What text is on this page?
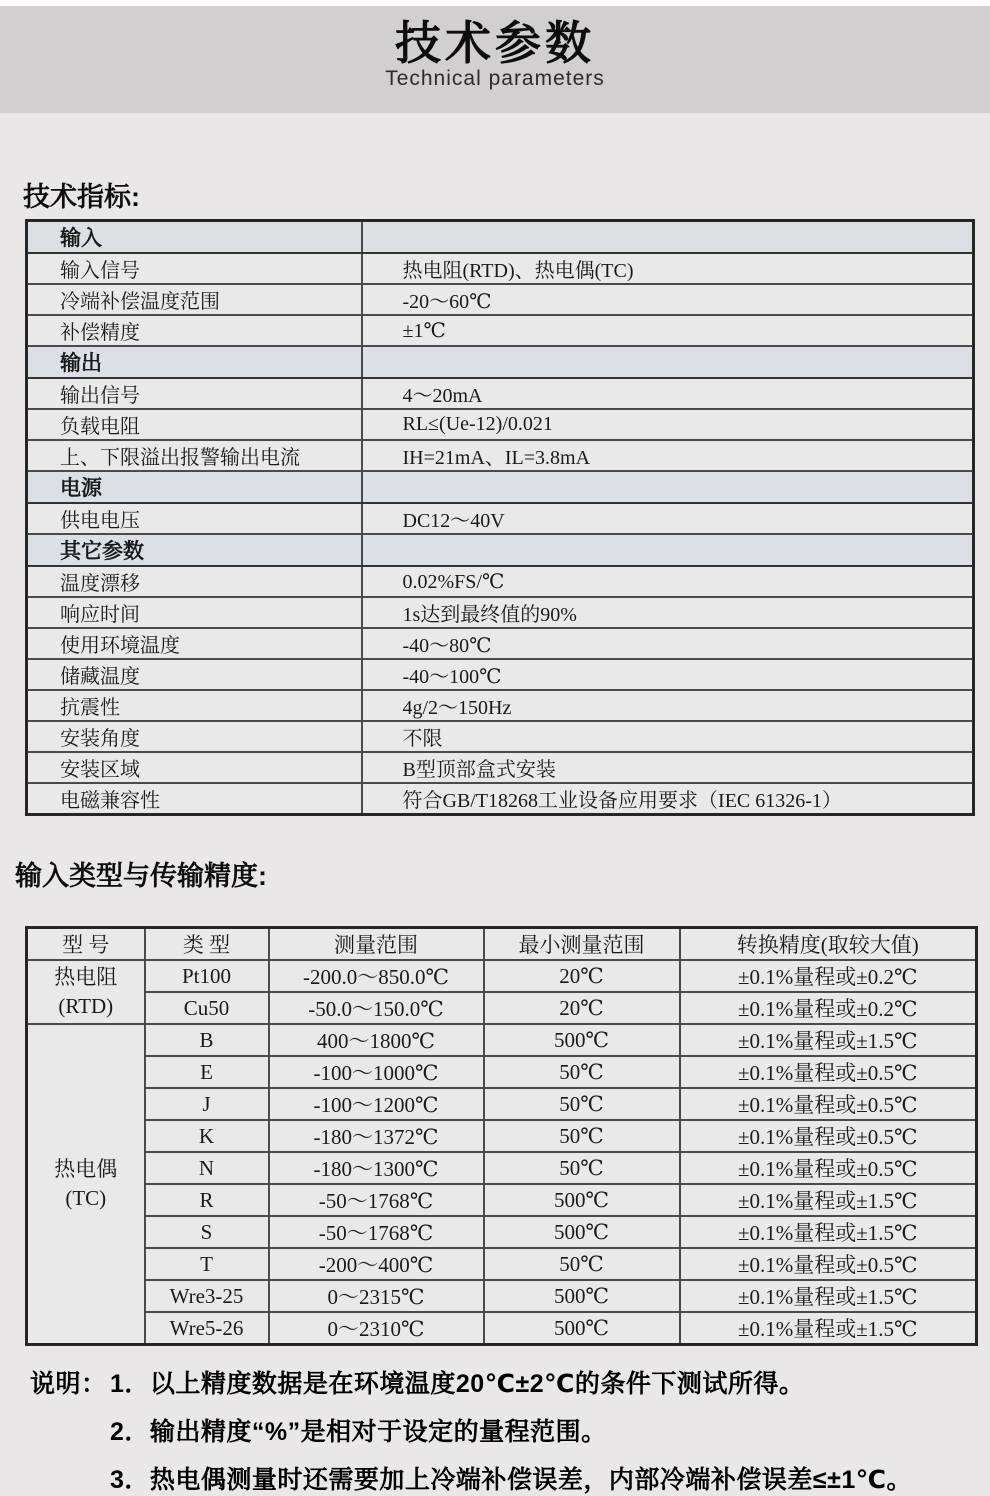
技术参数
Technical parameters
技术指标:
输入	
输入信号	热电阻(RTD)、热电偶(TC)
冷端补偿温度范围	-20～60℃
补偿精度	±1℃
输出	
输出信号	4～20mA
负载电阻	RL≤(Ue-12)/0.021
上、下限溢出报警输出电流	IH=21mA、IL=3.8mA
电源	
供电电压	DC12～40V
其它参数	
温度漂移	0.02%FS/℃
响应时间	1s达到最终值的90%
使用环境温度	-40～80℃
储藏温度	-40～100℃
抗震性	4g/2～150Hz
安装角度	不限
安装区域	B型顶部盒式安装
电磁兼容性	符合GB/T18268工业设备应用要求（IEC 61326-1）
输入类型与传输精度:
型 号	类 型	测量范围	最小测量范围	转换精度(取较大值)

热电阻
(RTD)	Pt100	-200.0～850.0℃	20℃	±0.1%量程或±0.2℃
	Cu50	-50.0～150.0℃	20℃	±0.1%量程或±0.2℃

热电偶
(TC)	B	400～1800℃	500℃	±0.1%量程或±1.5℃
	E	-100～1000℃	50℃	±0.1%量程或±0.5℃
	J	-100～1200℃	50℃	±0.1%量程或±0.5℃
	K	-180～1372℃	50℃	±0.1%量程或±0.5℃
	N	-180～1300℃	50℃	±0.1%量程或±0.5℃
	R	-50～1768℃	500℃	±0.1%量程或±1.5℃
	S	-50～1768℃	500℃	±0.1%量程或±1.5℃
	T	-200～400℃	50℃	±0.1%量程或±0.5℃
	Wre3-25	0～2315℃	500℃	±0.1%量程或±1.5℃
	Wre5-26	0～2310℃	500℃	±0.1%量程或±1.5℃
说明： 1．以上精度数据是在环境温度20℃±2℃的条件下测试所得。
2．输出精度“%”是相对于设定的量程范围。
3．热电偶测量时还需要加上冷端补偿误差，内部冷端补偿误差≤±1℃。
